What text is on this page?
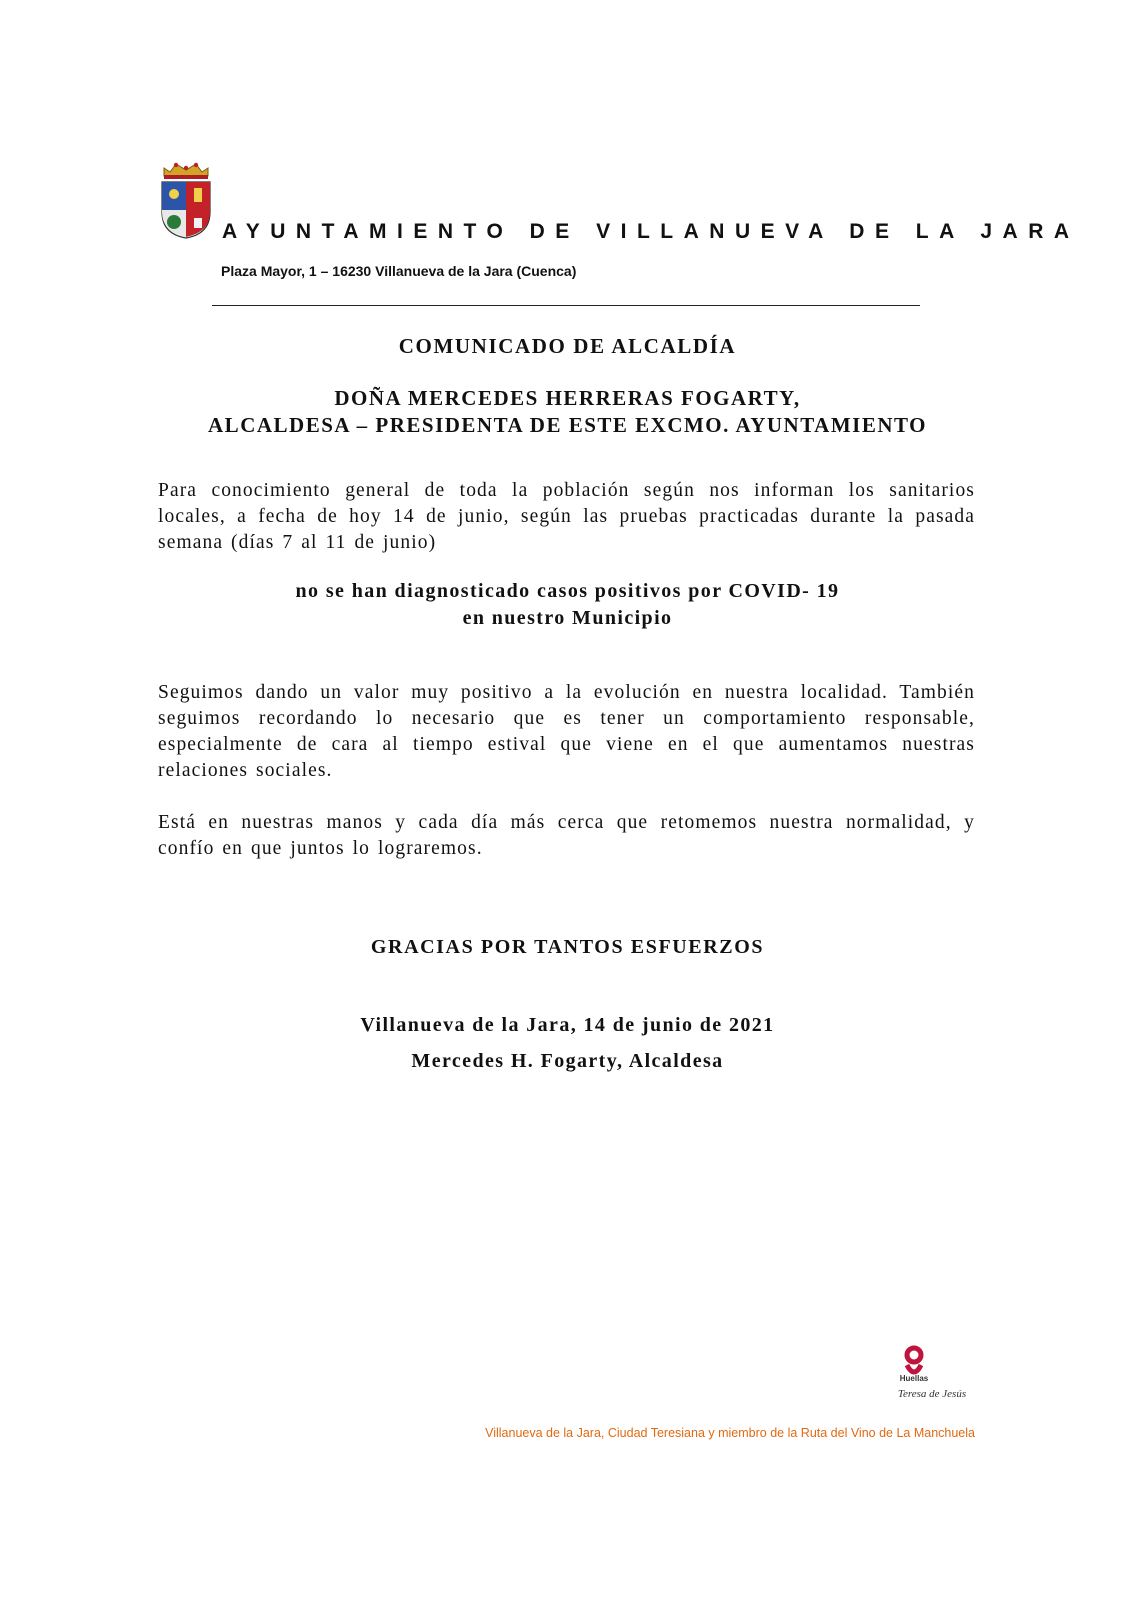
AYUNTAMIENTO DE VILLANUEVA DE LA JARA
Plaza Mayor, 1 – 16230 Villanueva de la Jara (Cuenca)
COMUNICADO DE ALCALDÍA
DOÑA MERCEDES HERRERAS FOGARTY,
ALCALDESA – PRESIDENTA DE ESTE EXCMO. AYUNTAMIENTO
Para conocimiento general de toda la población según nos informan los sanitarios locales, a fecha de hoy 14 de junio, según las pruebas practicadas durante la pasada semana (días 7 al 11 de junio)
no se han diagnosticado casos positivos por COVID- 19
en nuestro Municipio
Seguimos dando un valor muy positivo a la evolución en nuestra localidad. También seguimos recordando lo necesario que es tener un comportamiento responsable, especialmente de cara al tiempo estival que viene en el que aumentamos nuestras relaciones sociales.
Está en nuestras manos y cada día más cerca que retomemos nuestra normalidad, y confío en que juntos lo lograremos.
GRACIAS POR TANTOS ESFUERZOS
Villanueva de la Jara, 14 de junio de 2021
Mercedes H. Fogarty, Alcaldesa
Huellas
Teresa de Jesús
Villanueva de la Jara, Ciudad Teresiana y miembro de la Ruta del Vino de La Manchuela
